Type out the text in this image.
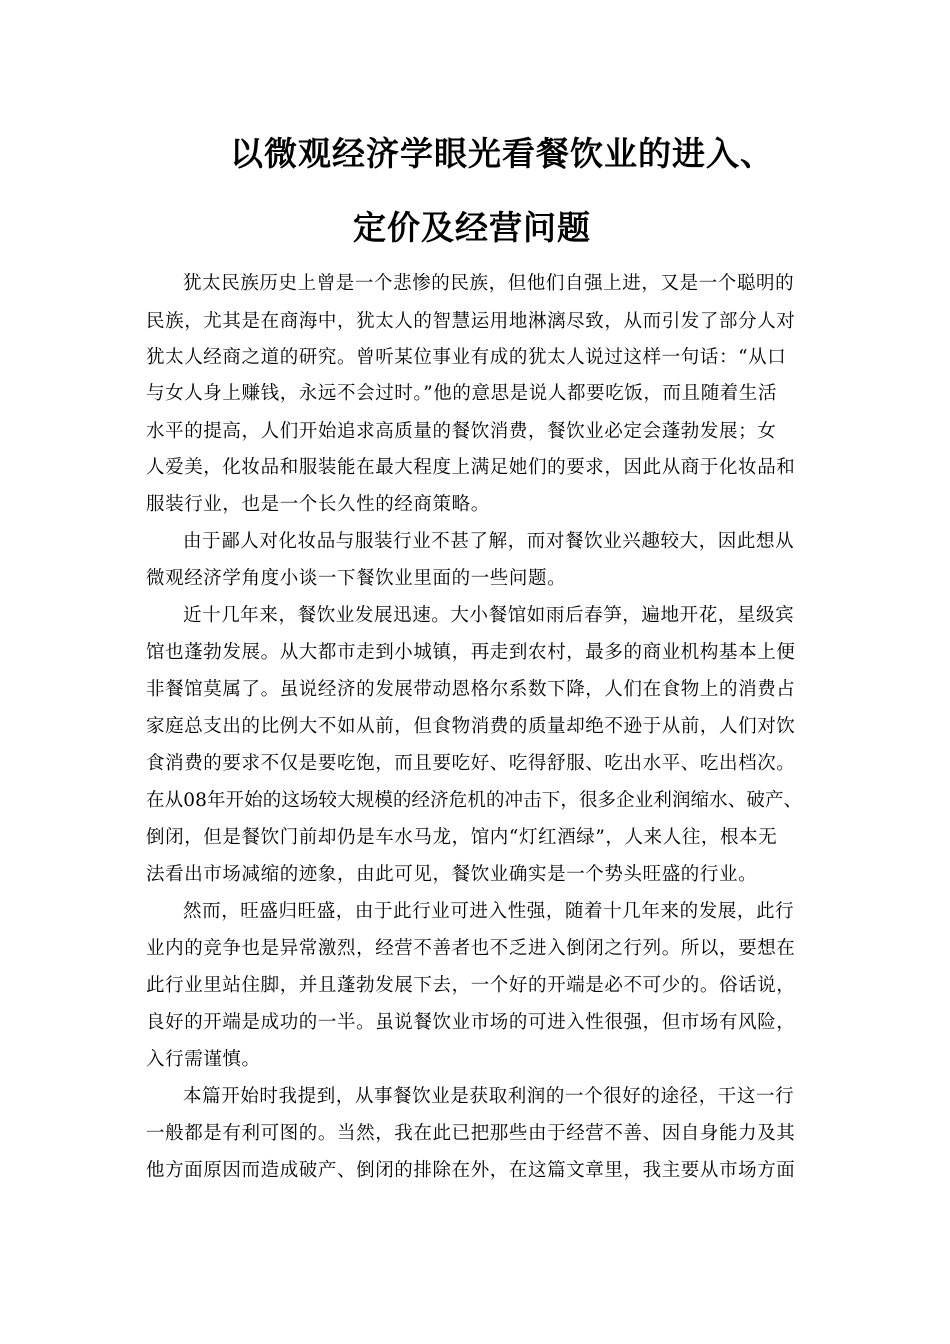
以微观经济学眼光看餐饮业的进入、
定价及经营问题
犹太民族历史上曾是一个悲惨的民族，但他们自强上进，又是一个聪明的
民族，尤其是在商海中，犹太人的智慧运用地淋漓尽致，从而引发了部分人对
犹太人经商之道的研究。曾听某位事业有成的犹太人说过这样一句话：“从口
与女人身上赚钱，永远不会过时。”他的意思是说人都要吃饭，而且随着生活
水平的提高，人们开始追求高质量的餐饮消费，餐饮业必定会蓬勃发展；女
人爱美，化妆品和服装能在最大程度上满足她们的要求，因此从商于化妆品和
服装行业，也是一个长久性的经商策略。
由于鄙人对化妆品与服装行业不甚了解，而对餐饮业兴趣较大，因此想从
微观经济学角度小谈一下餐饮业里面的一些问题。
近十几年来，餐饮业发展迅速。大小餐馆如雨后春笋，遍地开花，星级宾
馆也蓬勃发展。从大都市走到小城镇，再走到农村，最多的商业机构基本上便
非餐馆莫属了。虽说经济的发展带动恩格尔系数下降，人们在食物上的消费占
家庭总支出的比例大不如从前，但食物消费的质量却绝不逊于从前，人们对饮
食消费的要求不仅是要吃饱，而且要吃好、吃得舒服、吃出水平、吃出档次。
在从08年开始的这场较大规模的经济危机的冲击下，很多企业利润缩水、破产、
倒闭，但是餐饮门前却仍是车水马龙，馆内“灯红酒绿”，人来人往，根本无
法看出市场减缩的迹象，由此可见，餐饮业确实是一个势头旺盛的行业。
然而，旺盛归旺盛，由于此行业可进入性强，随着十几年来的发展，此行
业内的竞争也是异常激烈，经营不善者也不乏进入倒闭之行列。所以，要想在
此行业里站住脚，并且蓬勃发展下去，一个好的开端是必不可少的。俗话说，
良好的开端是成功的一半。虽说餐饮业市场的可进入性很强，但市场有风险，
入行需谨慎。
本篇开始时我提到，从事餐饮业是获取利润的一个很好的途径，干这一行
一般都是有利可图的。当然，我在此已把那些由于经营不善、因自身能力及其
他方面原因而造成破产、倒闭的排除在外，在这篇文章里，我主要从市场方面
